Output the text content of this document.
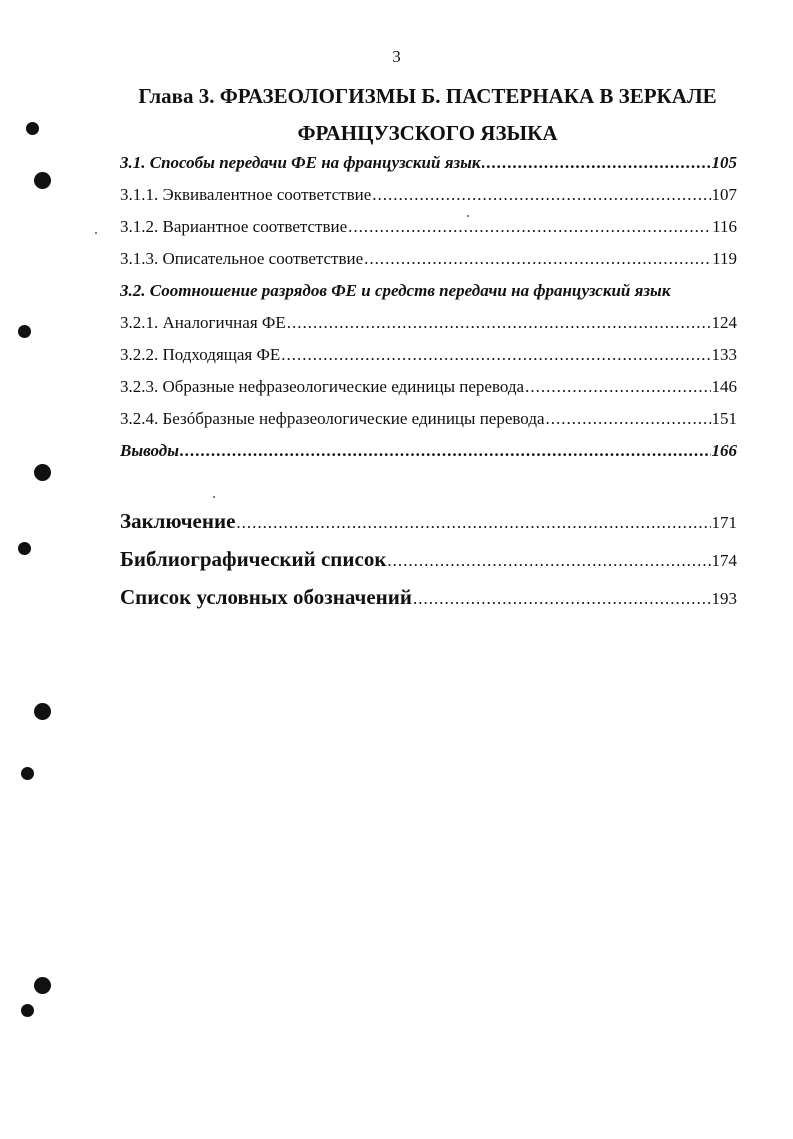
3
Глава 3. ФРАЗЕОЛОГИЗМЫ Б. ПАСТЕРНАКА В ЗЕРКАЛЕ ФРАНЦУЗСКОГО ЯЗЫКА
3.1. Способы передачи ФЕ на французский язык .....	105
3.1.1. Эквивалентное соответствие .....	107
3.1.2. Вариантное соответствие .....	116
3.1.3. Описательное соответствие .....	119
3.2. Соотношение разрядов ФЕ и средств передачи на французский язык
3.2.1. Аналогичная ФЕ .....	124
3.2.2. Подходящая ФЕ .....	133
3.2.3. Образные нефразеологические единицы перевода .....	146
3.2.4. Безóбразные нефразеологические единицы перевода .....	151
Выводы .....	166
Заключение .....	171
Библиографический список .....	174
Список условных обозначений .....	193
